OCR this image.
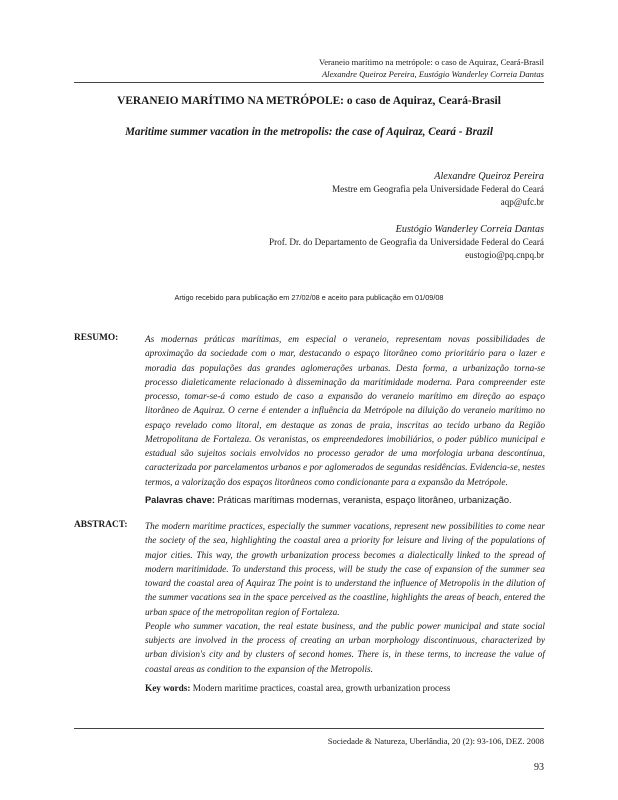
Veraneio marítimo na metrópole: o caso de Aquiraz, Ceará-Brasil
Alexandre Queiroz Pereira, Eustógio Wanderley Correia Dantas
VERANEIO MARÍTIMO NA METRÓPOLE: o caso de Aquiraz, Ceará-Brasil
Maritime summer vacation in the metropolis: the case of Aquiraz, Ceará - Brazil
Alexandre Queiroz Pereira
Mestre em Geografia pela Universidade Federal do Ceará
aqp@ufc.br
Eustógio Wanderley Correia Dantas
Prof. Dr. do Departamento de Geografia da Universidade Federal do Ceará
eustogio@pq.cnpq.br
Artigo recebido para publicação em 27/02/08 e aceito para publicação em 01/09/08
RESUMO:	As modernas práticas marítimas, em especial o veraneio, representam novas possibilidades de aproximação da sociedade com o mar, destacando o espaço litorâneo como prioritário para o lazer e moradia das populações das grandes aglomerações urbanas. Desta forma, a urbanização torna-se processo dialeticamente relacionado à disseminação da maritimidade moderna. Para compreender este processo, tomar-se-á como estudo de caso a expansão do veraneio marítimo em direção ao espaço litorâneo de Aquiraz. O cerne é entender a influência da Metrópole na diluição do veraneio marítimo no espaço revelado como litoral, em destaque as zonas de praia, inscritas ao tecido urbano da Região Metropolitana de Fortaleza. Os veranistas, os empreendedores imobiliários, o poder público municipal e estadual são sujeitos sociais envolvidos no processo gerador de uma morfologia urbana descontínua, caracterizada por parcelamentos urbanos e por aglomerados de segundas residências. Evidencia-se, nestes termos, a valorização dos espaços litorâneos como condicionante para a expansão da Metrópole.
Palavras chave: Práticas marítimas modernas, veranista, espaço litorâneo, urbanização.
ABSTRACT: The modern maritime practices, especially the summer vacations, represent new possibilities to come near the society of the sea, highlighting the coastal area a priority for leisure and living of the populations of major cities. This way, the growth urbanization process becomes a dialectically linked to the spread of modern maritimidade. To understand this process, will be study the case of expansion of the summer sea toward the coastal area of Aquiraz The point is to understand the influence of Metropolis in the dilution of the summer vacations sea in the space perceived as the coastline, highlights the areas of beach, entered the urban space of the metropolitan region of Fortaleza.
People who summer vacation, the real estate business, and the public power municipal and state social subjects are involved in the process of creating an urban morphology discontinuous, characterized by urban division's city and by clusters of second homes. There is, in these terms, to increase the value of coastal areas as condition to the expansion of the Metropolis.
Key words: Modern maritime practices, coastal area, growth urbanization process
Sociedade & Natureza, Uberlândia, 20 (2): 93-106, DEZ. 2008
93
